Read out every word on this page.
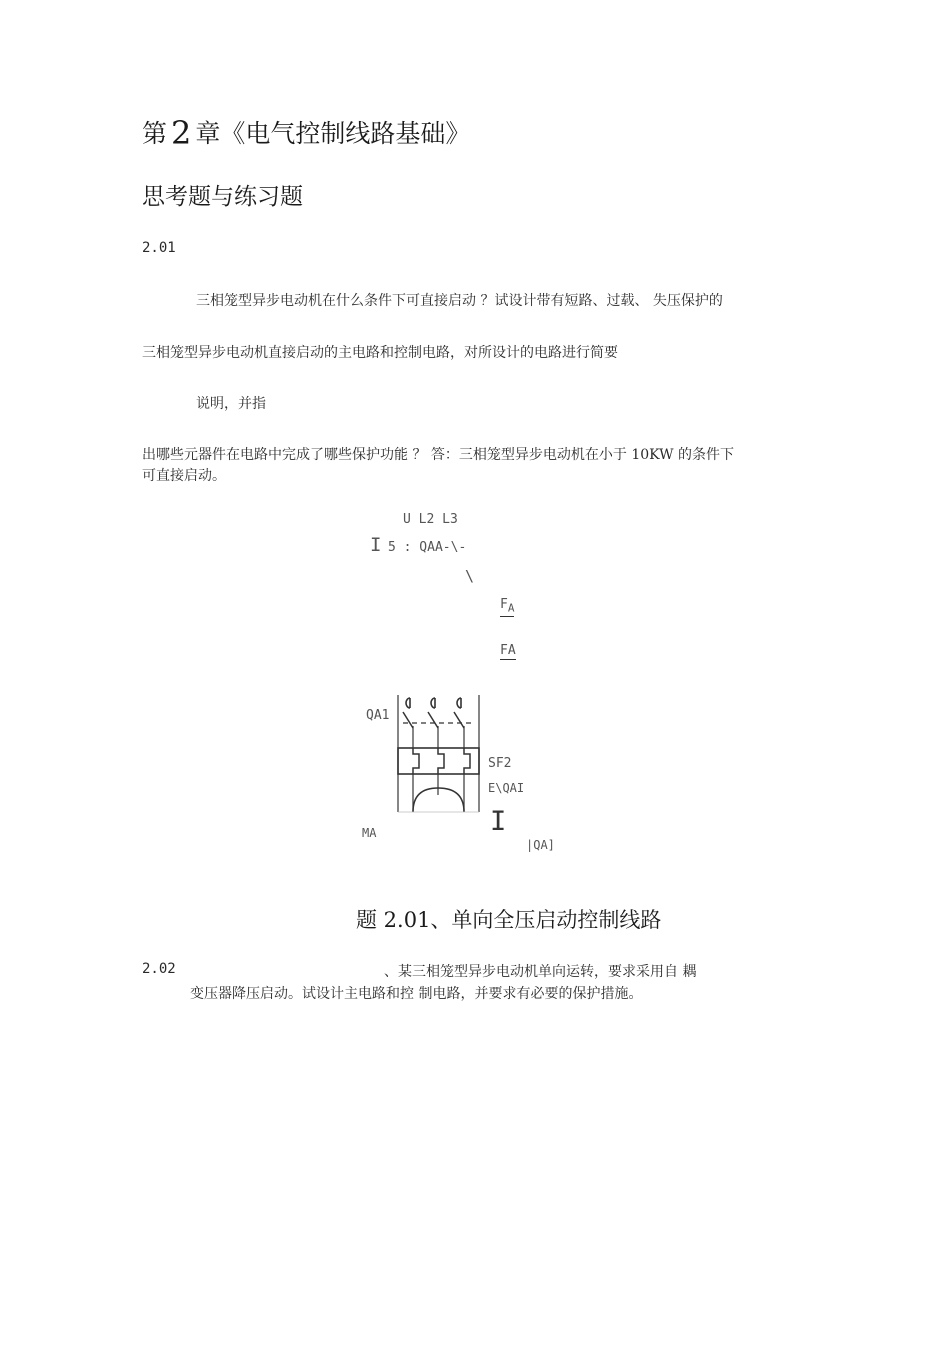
第 2 章《电气控制线路基础》
思考题与练习题
2.01
三相笼型异步电动机在什么条件下可直接启动 ？试设计带有短路、过载、 失压保护的
三相笼型异步电动机直接启动的主电路和控制电路，对所设计的电路进行简要
说明，并指
出哪些元器件在电路中完成了哪些保护功能 ？ 答：三相笼型异步电动机在小于 10KW 的条件下
可直接启动。
U L2 L3
I 5 : QAA-\-
\
$F_A$
FA
QA1
SF2
E\QAI
MA	I
|QA]
题 2.01、单向全压启动控制线路
2.02	、某三相笼型异步电动机单向运转，要求采用自 耦
变压器降压启动。试设计主电路和控 制电路，并要求有必要的保护措施。
